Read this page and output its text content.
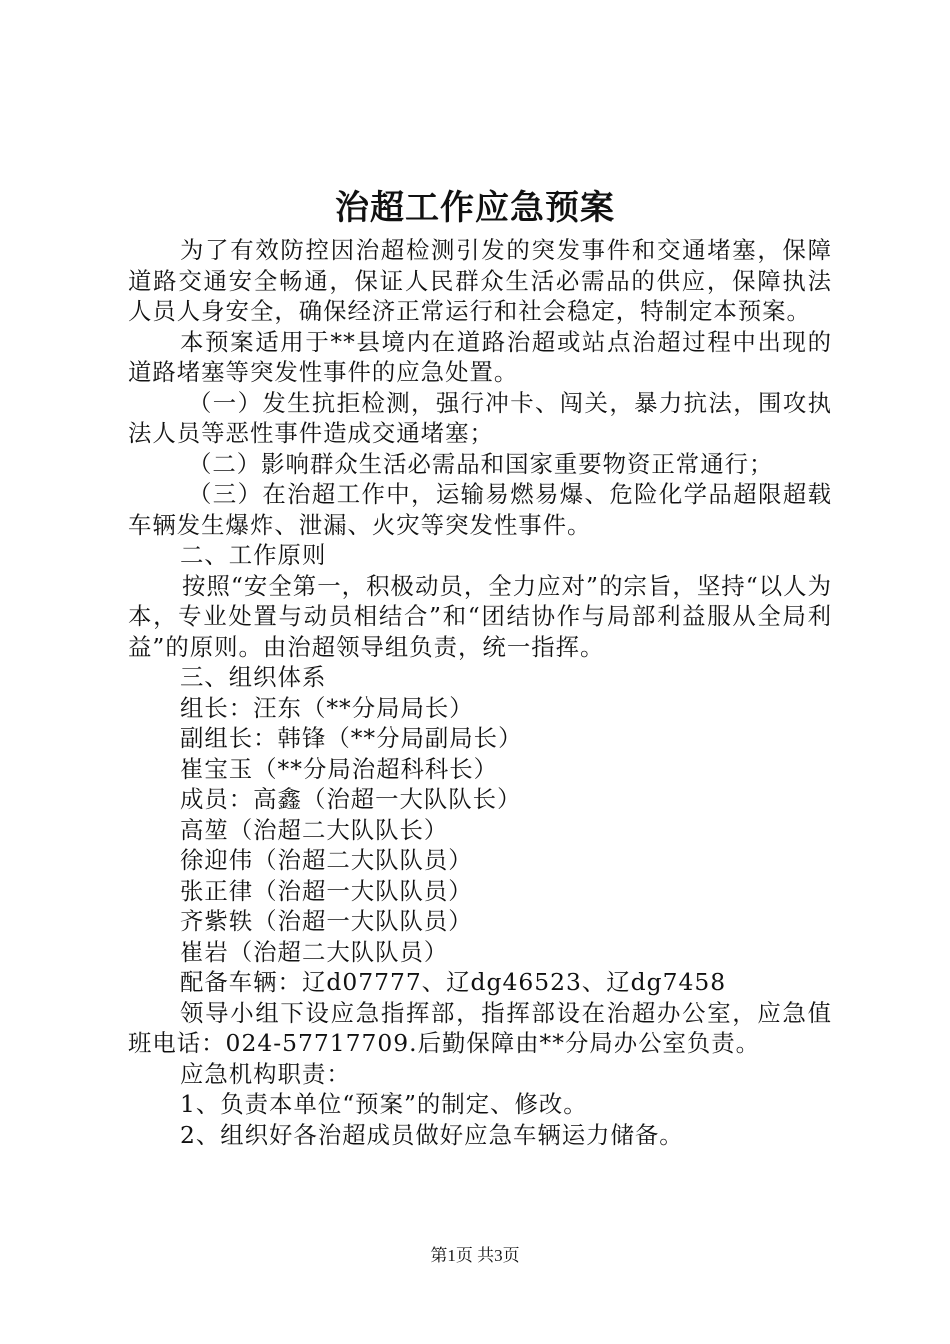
治超工作应急预案

为了有效防控因治超检测引发的突发事件和交通堵塞，保障道路交通安全畅通，保证人民群众生活必需品的供应，保障执法人员人身安全，确保经济正常运行和社会稳定，特制定本预案。

本预案适用于**县境内在道路治超或站点治超过程中出现的道路堵塞等突发性事件的应急处置。

（一）发生抗拒检测，强行冲卡、闯关，暴力抗法，围攻执法人员等恶性事件造成交通堵塞；

（二）影响群众生活必需品和国家重要物资正常通行；

（三）在治超工作中，运输易燃易爆、危险化学品超限超载车辆发生爆炸、泄漏、火灾等突发性事件。

二、工作原则

按照“安全第一，积极动员，全力应对”的宗旨，坚持“以人为本，专业处置与动员相结合”和“团结协作与局部利益服从全局利益”的原则。由治超领导组负责，统一指挥。

三、组织体系

组长：汪东（**分局局长）

副组长：韩锋（**分局副局长）

崔宝玉（**分局治超科科长）

成员：高鑫（治超一大队队长）

高堃（治超二大队队长）

徐迎伟（治超二大队队员）

张正律（治超一大队队员）

齐紫轶（治超一大队队员）

崔岩（治超二大队队员）

配备车辆：辽d07777、辽dg46523、辽dg7458

领导小组下设应急指挥部，指挥部设在治超办公室，应急值班电话：024-57717709.后勤保障由**分局办公室负责。

应急机构职责：

1、负责本单位“预案”的制定、修改。

2、组织好各治超成员做好应急车辆运力储备。

第1页 共3页
